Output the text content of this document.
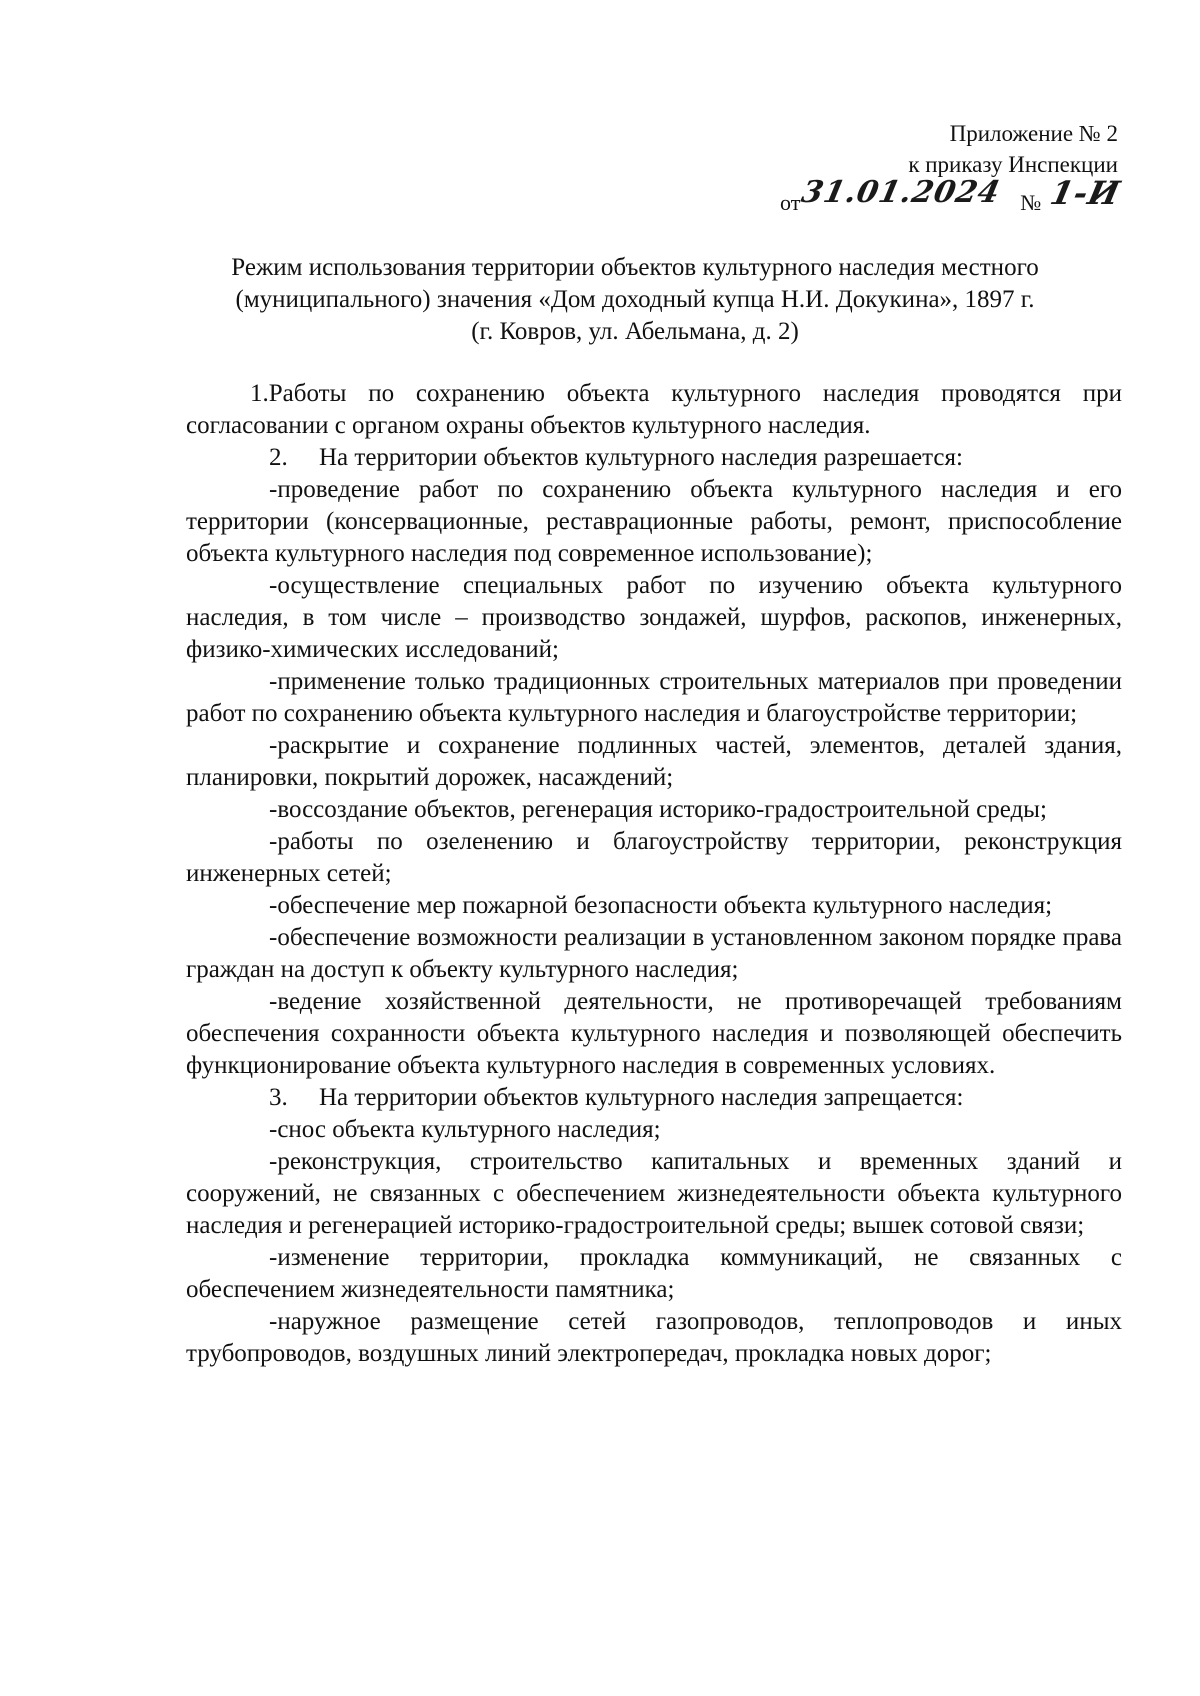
Приложение № 2
к приказу Инспекции
от31.01.2024 № 1-И
Режим использования территории объектов культурного наследия местного
(муниципального) значения «Дом доходный купца Н.И. Докукина», 1897 г.
(г. Ковров, ул. Абельмана, д. 2)

1.Работы по сохранению объекта культурного наследия проводятся при согласовании с органом охраны объектов культурного наследия.

2. На территории объектов культурного наследия разрешается:

-проведение работ по сохранению объекта культурного наследия и его территории (консервационные, реставрационные работы, ремонт, приспособление объекта культурного наследия под современное использование);

-осуществление специальных работ по изучению объекта культурного наследия, в том числе – производство зондажей, шурфов, раскопов, инженерных, физико-химических исследований;

-применение только традиционных строительных материалов при проведении работ по сохранению объекта культурного наследия и благоустройстве территории;

-раскрытие и сохранение подлинных частей, элементов, деталей здания, планировки, покрытий дорожек, насаждений;

-воссоздание объектов, регенерация историко-градостроительной среды;

-работы по озеленению и благоустройству территории, реконструкция инженерных сетей;

-обеспечение мер пожарной безопасности объекта культурного наследия;

-обеспечение возможности реализации в установленном законом порядке права граждан на доступ к объекту культурного наследия;

-ведение хозяйственной деятельности, не противоречащей требованиям обеспечения сохранности объекта культурного наследия и позволяющей обеспечить функционирование объекта культурного наследия в современных условиях.

3. На территории объектов культурного наследия запрещается:

-снос объекта культурного наследия;

-реконструкция, строительство капитальных и временных зданий и сооружений, не связанных с обеспечением жизнедеятельности объекта культурного наследия и регенерацией историко-градостроительной среды; вышек сотовой связи;

-изменение территории, прокладка коммуникаций, не связанных с обеспечением жизнедеятельности памятника;

-наружное размещение сетей газопроводов, теплопроводов и иных трубопроводов, воздушных линий электропередач, прокладка новых дорог;
